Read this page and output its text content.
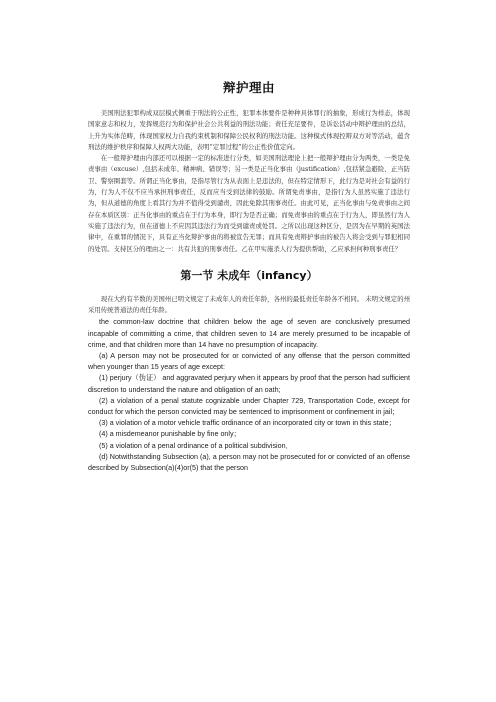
辩护理由

美国刑法犯罪构成双层模式侧重于刑法的公正性，犯罪本体要件是种种具体罪行的抽象，形成行为样态，体现国家意志和权力，发挥规范行为和保护社会公共利益的刑法功能；责任充足要件，是诉讼活动中辩护理由的总结，上升为实体范畴，体现国家权力自我约束机制和保障公民权利的刑法功能。这种模式体现控辩双方对等活动，蕴含刑法的维护秩序和保障人权两大功能，表明“定罪过程”的公正性价值定向。

在一般辩护理由内部还可以根据一定的标准进行分类，如美国刑法理论上把一般辩护理由分为两类，一类是免责事由（excuse）,包括未成年、精神病、错误等；另一类是正当化事由（justification）,包括紧急避险、正当防卫、警察圈套等。所谓正当化事由，是指尽管行为从表面上是违法的，但在特定情形下，此行为是对社会有益的行为，行为人不仅不应当承担刑事责任，反而应当受到法律的鼓励。所谓免责事由，是指行为人虽然实施了违法行为，但从道德的角度上看其行为并不值得受到谴责，因此免除其刑事责任。由此可见，正当化事由与免责事由之间存在本质区别：正当化事由的重点在于行为本身，即行为是否正确；而免责事由的重点在于行为人，即虽然行为人实施了违法行为，但在道德上不应因其违法行为而受到谴责或处罚。之所以出现这种区分，是因为在早期的英国法律中，在重罪的情况下，具有正当化辩护事由的将被宣告无罪；而具有免责辩护事由的被告人将会受到与罪犯相同的处罚。支持区分的理由之一：共有共犯的刑事责任。乙在甲实施杀人行为提供帮助，乙应承担何种刑事责任？

第一节 未成年（infancy）

现在大约有半数的美国州已明文规定了未成年人的责任年龄，各州的最低责任年龄各不相同。 未明文规定的州采用传统普通法的责任年龄。

the common-law doctrine that children below the age of seven are conclusively presumed incapable of committing a crime, that children seven to 14 are merely presumed to be incapable of crime, and that children more than 14 have no presumption of incapacity.

(a) A person may not be prosecuted for or convicted of any offense that the person committed when younger than 15 years of age except:

(1) perjury（伪证） and aggravated perjury when it appears by proof that the person had sufficient discretion to understand the nature and obligation of an oath;

(2) a violation of a penal statute cognizable under Chapter 729, Transportation Code, except for conduct for which the person convicted may be sentenced to imprisonment or confinement in jail；

(3) a violation of a motor vehicle traffic ordinance of an incorporated city or town in this state；

(4) a misdemeanor punishable by fine only；

(5) a violation of a penal ordinance of a political subdivision．

(d) Notwithstanding Subsection (a), a person may not be prosecuted for or convicted of an offense described by Subsection(a)(4)or(5) that the person
